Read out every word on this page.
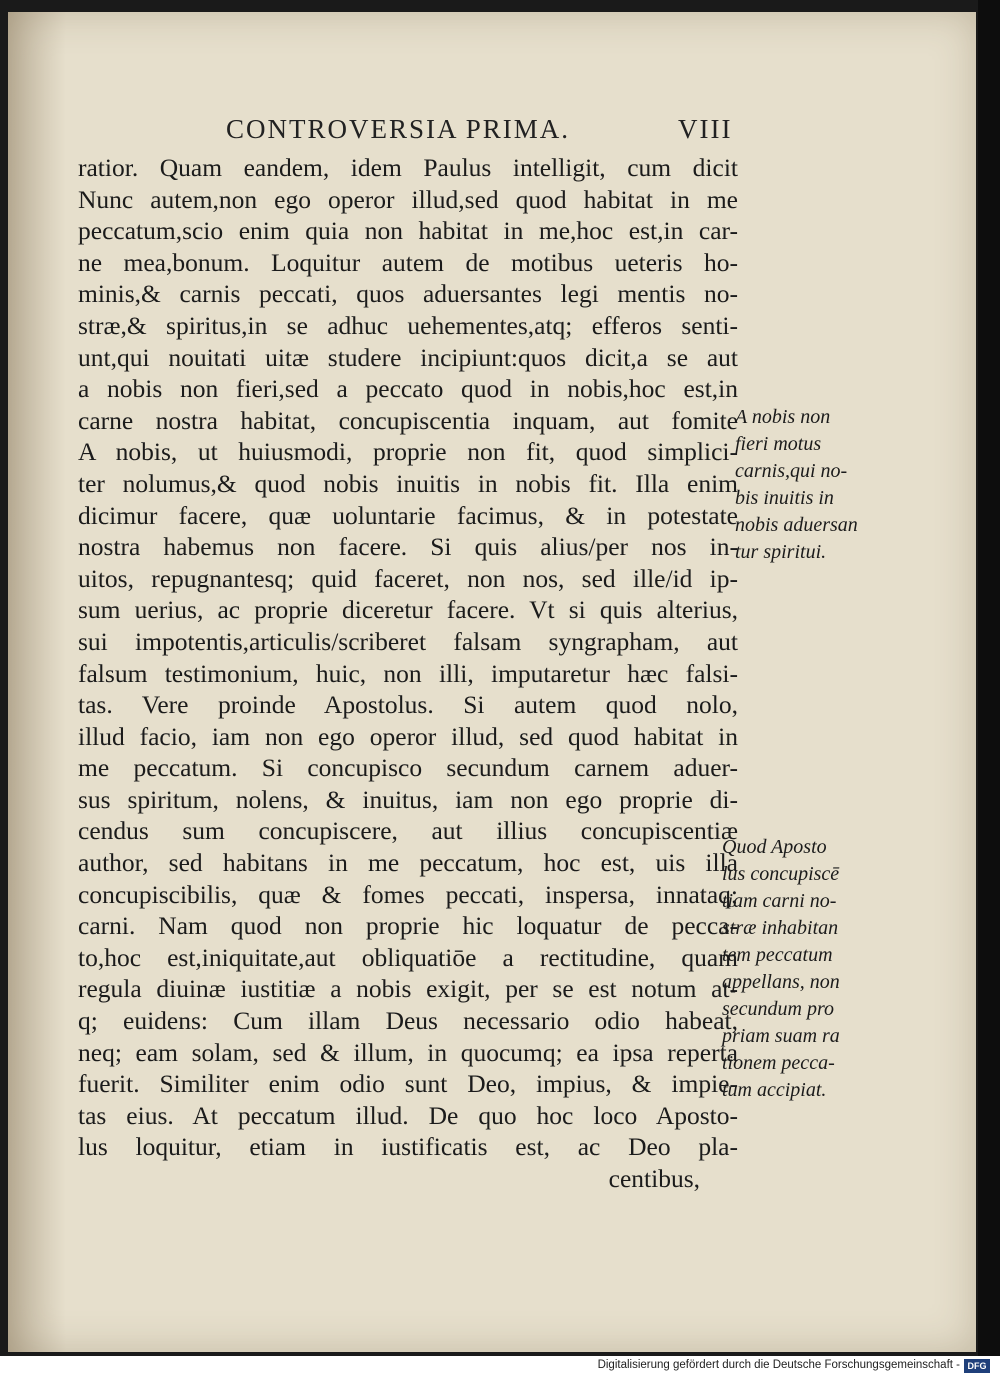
CONTROVERSIA PRIMA.	VIII
ratior. Quam eandem, idem Paulus intelligit, cum dicit
Nunc autem,non ego operor illud,sed quod habitat in me
peccatum,scio enim quia non habitat in me,hoc est,in car-
ne mea,bonum. Loquitur autem de motibus ueteris ho-
minis,& carnis peccati, quos aduersantes legi mentis no-
stræ,& spiritus,in se adhuc uehementes,atq; efferos senti-
unt,qui nouitati uitæ studere incipiunt:quos dicit,a se aut
a nobis non fieri,sed a peccato quod in nobis,hoc est,in
carne nostra habitat, concupiscentia inquam, aut fomite
A nobis, ut huiusmodi, proprie non fit, quod simplici-
ter nolumus,& quod nobis inuitis in nobis fit. Illa enim
dicimur facere, quæ uoluntarie facimus, & in potestate
nostra habemus non facere. Si quis alius/per nos in-
uitos, repugnantesq; quid faceret, non nos, sed ille/id ip-
sum uerius, ac proprie diceretur facere. Vt si quis alterius,
sui impotentis,articulis/scriberet falsam syngrapham, aut
falsum testimonium, huic, non illi, imputaretur hæc falsi-
tas. Vere proinde Apostolus. Si autem quod nolo,
illud facio, iam non ego operor illud, sed quod habitat in
me peccatum. Si concupisco secundum carnem aduer-
sus spiritum, nolens, & inuitus, iam non ego proprie di-
cendus sum concupiscere, aut illius concupiscentiæ
author, sed habitans in me peccatum, hoc est, uis illa
concupiscibilis, quæ & fomes peccati, inspersa, innataq;
carni. Nam quod non proprie hic loquatur de pecca-
to,hoc est,iniquitate,aut obliquatiōe a rectitudine, quam
regula diuinæ iustitiæ a nobis exigit, per se est notum at-
q; euidens: Cum illam Deus necessario odio habeat,
neq; eam solam, sed & illum, in quocumq; ea ipsa reperta
fuerit. Similiter enim odio sunt Deo, impius, & impie-
tas eius. At peccatum illud. De quo hoc loco Aposto-
lus loquitur, etiam in iustificatis est, ac Deo pla-
centibus,
A nobis non
fieri motus
carnis,qui no-
bis inuitis in
nobis aduersan
tur spiritui.
Quod Aposto
lus concupiscē
tiam carni no-
stræ inhabitan
tem peccatum
appellans, non
secundum pro
priam suam ra
tionem pecca-
tum accipiat.
Digitalisierung gefördert durch die Deutsche Forschungsgemeinschaft - DFG
